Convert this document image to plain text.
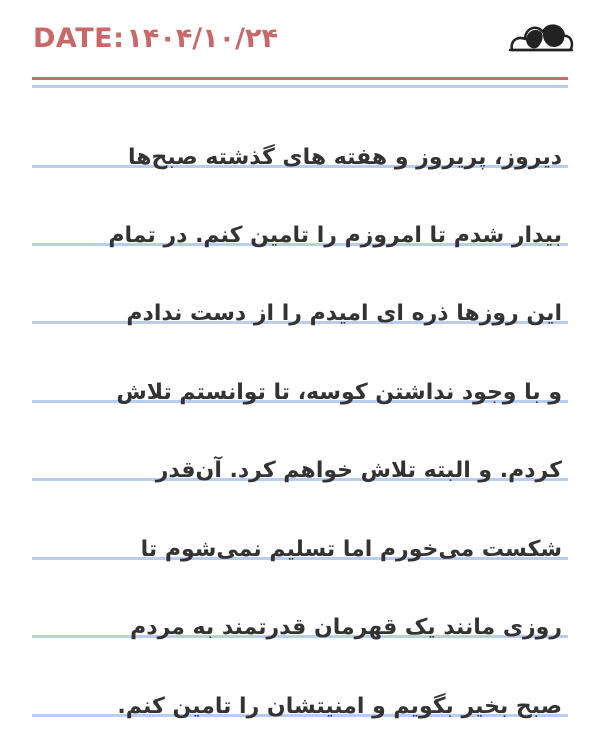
DATE: ۱۴۰۴/۱۰/۲۴
دیروز، پریروز و هفته های گذشته صبح‌ها
بیدار شدم تا امروزم را تامین کنم. در تمام
این روزها ذره ای امیدم را از دست ندادم
و با وجود نداشتن کوسه، تا توانستم تلاش
کردم. و البته تلاش خواهم کرد. آن‌قدر
شکست می‌خورم اما تسلیم نمی‌شوم تا
روزی مانند یک قهرمان قدرتمند به مردم
صبح بخیر بگویم و امنیتشان را تامین کنم.
